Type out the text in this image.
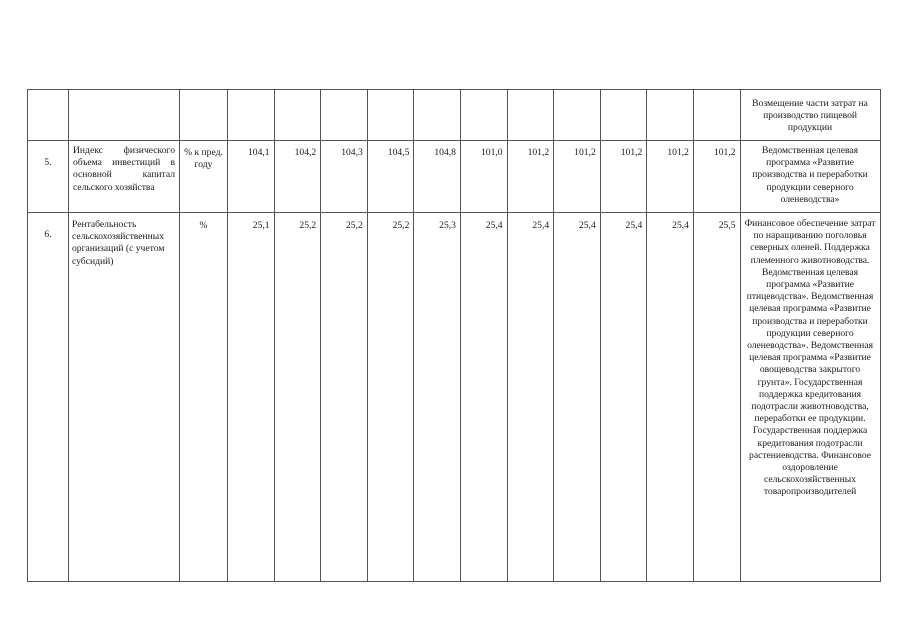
														Возмещение части затрат на производство пищевой продукции
5.	Индекс физического объема инвестиций в основной капитал сельского хозяйства	% к пред. году	104,1	104,2	104,3	104,5	104,8	101,0	101,2	101,2	101,2	101,2	101,2	Ведомственная целевая программа «Развитие производства и переработки продукции северного оленеводства»
6.	Рентабельность сельскохозяйственных организаций (с учетом субсидий)	%	25,1	25,2	25,2	25,2	25,3	25,4	25,4	25,4	25,4	25,4	25,5	Финансовое обеспечение затрат по наращиванию поголовья северных оленей. Поддержка племенного животноводства. Ведомственная целевая программа «Развитие птицеводства». Ведомственная целевая программа «Развитие производства и переработки продукции северного оленеводства». Ведомственная целевая программа «Развитие овощеводства закрытого грунта». Государственная поддержка кредитования подотрасли животноводства, переработки ее продукции. Государственная поддержка кредитования подотрасли растениеводства. Финансовое оздоровление сельскохозяйственных товаропроизводителей
